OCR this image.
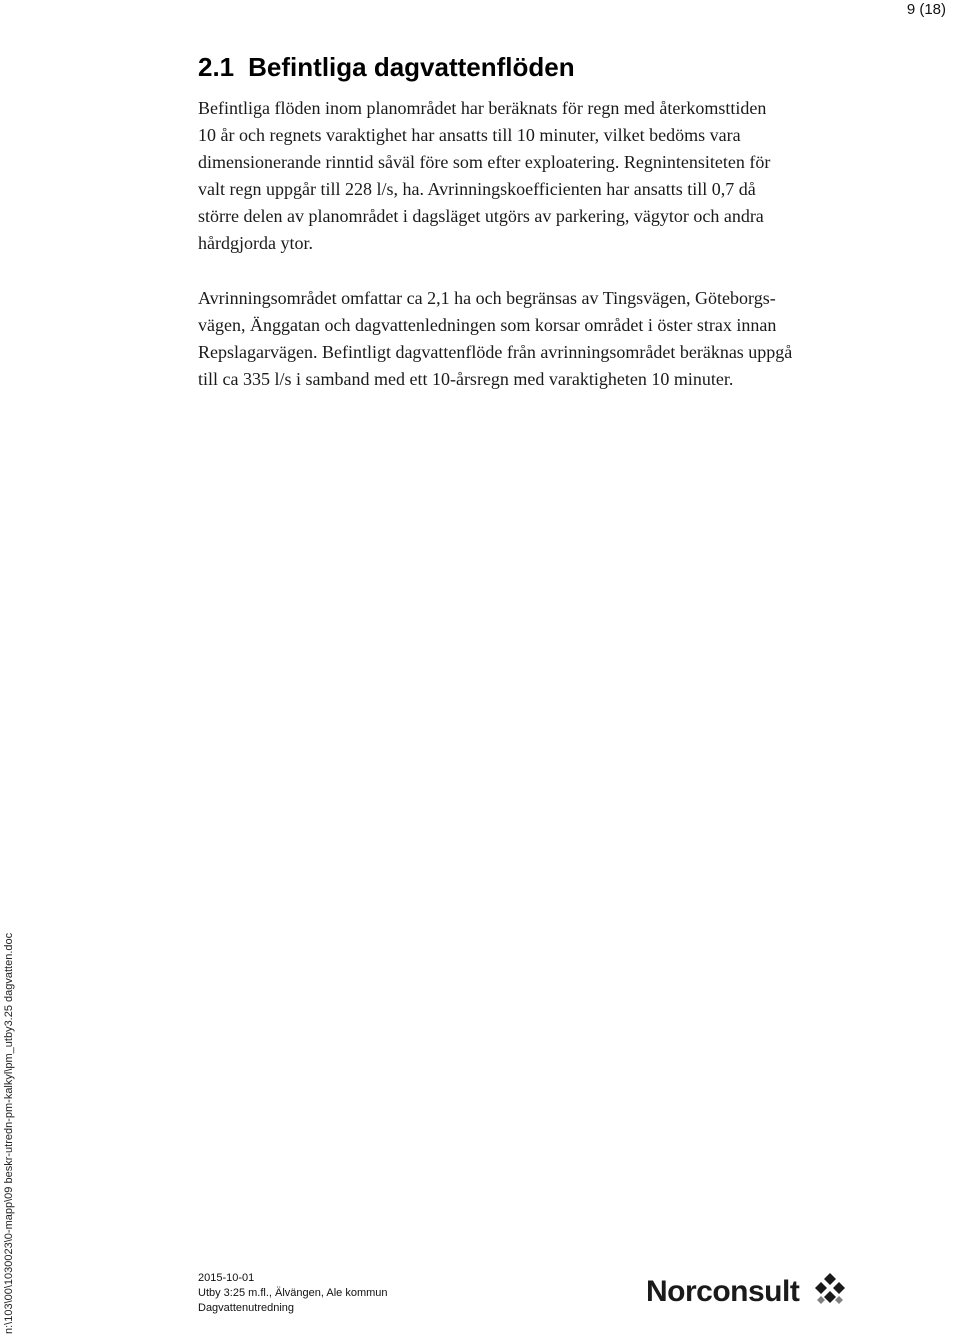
9 (18)
2.1 Befintliga dagvattenflöden

Befintliga flöden inom planområdet har beräknats för regn med återkomsttiden
10 år och regnets varaktighet har ansatts till 10 minuter, vilket bedöms vara
dimensionerande rinntid såväl före som efter exploatering. Regnintensiteten för
valt regn uppgår till 228 l/s, ha. Avrinningskoefficienten har ansatts till 0,7 då
större delen av planområdet i dagsläget utgörs av parkering, vägytor och andra
hårdgjorda ytor.

Avrinningsområdet omfattar ca 2,1 ha och begränsas av Tingsvägen, Göteborgs-
vägen, Änggatan och dagvattenledningen som korsar området i öster strax innan
Repslagarvägen. Befintligt dagvattenflöde från avrinningsområdet beräknas uppgå
till ca 335 l/s i samband med ett 10-årsregn med varaktigheten 10 minuter.

n:\103\00\1030023\0-mapp\09 beskr-utredn-pm-kalkyl\pm_utby3.25 dagvatten.doc	2015-10-01
Utby 3:25 m.fl., Älvängen, Ale kommun
Dagvattenutredning	Norconsult
